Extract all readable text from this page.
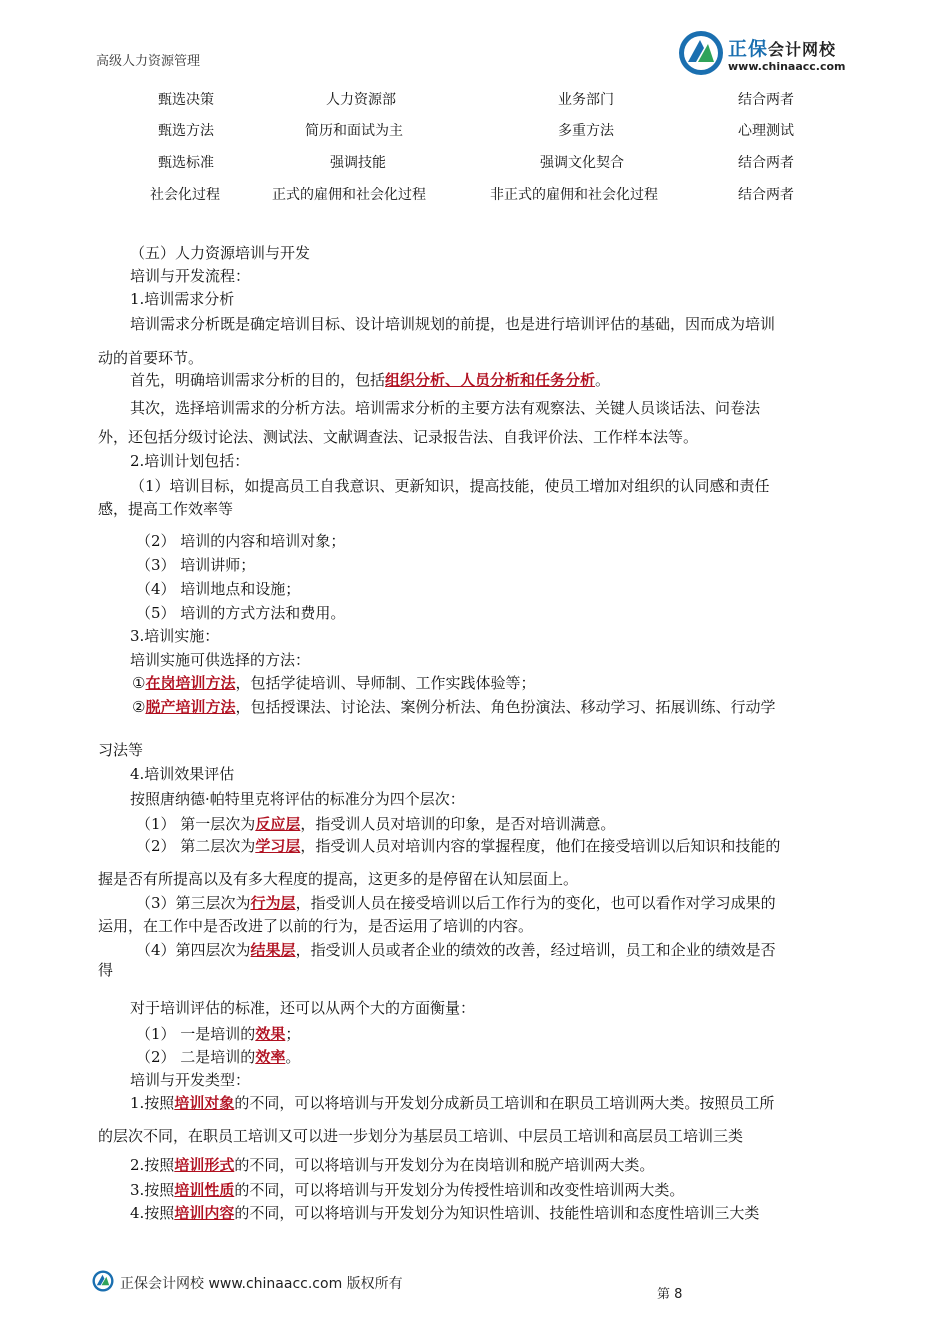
正保会计网校
www.chinaacc.com
高级人力资源管理
甄选决策	人力资源部	业务部门	结合两者
甄选方法	简历和面试为主	多重方法	心理测试
甄选标准	强调技能	强调文化契合	结合两者
社会化过程	正式的雇佣和社会化过程	非正式的雇佣和社会化过程	结合两者
（五）人力资源培训与开发
培训与开发流程：
1.培训需求分析
培训需求分析既是确定培训目标、设计培训规划的前提，也是进行培训评估的基础，因而成为培训
动的首要环节。
首先，明确培训需求分析的目的，包括组织分析、人员分析和任务分析。
其次，选择培训需求的分析方法。培训需求分析的主要方法有观察法、关键人员谈话法、问卷法
外，还包括分级讨论法、测试法、文献调查法、记录报告法、自我评价法、工作样本法等。
2.培训计划包括：
（1）培训目标，如提高员工自我意识、更新知识，提高技能，使员工增加对组织的认同感和责任
感，提高工作效率等
（2） 培训的内容和培训对象；
（3） 培训讲师；
（4） 培训地点和设施；
（5） 培训的方式方法和费用。
3.培训实施：
培训实施可供选择的方法：
①在岗培训方法，包括学徒培训、导师制、工作实践体验等；
②脱产培训方法，包括授课法、讨论法、案例分析法、角色扮演法、移动学习、拓展训练、行动学
习法等
4.培训效果评估
按照唐纳德·帕特里克将评估的标准分为四个层次：
（1） 第一层次为反应层，指受训人员对培训的印象，是否对培训满意。
（2） 第二层次为学习层，指受训人员对培训内容的掌握程度，他们在接受培训以后知识和技能的
握是否有所提高以及有多大程度的提高，这更多的是停留在认知层面上。
（3）第三层次为行为层，指受训人员在接受培训以后工作行为的变化，也可以看作对学习成果的
运用，在工作中是否改进了以前的行为，是否运用了培训的内容。
（4）第四层次为结果层，指受训人员或者企业的绩效的改善，经过培训，员工和企业的绩效是否
得
对于培训评估的标准，还可以从两个大的方面衡量：
（1） 一是培训的效果；
（2） 二是培训的效率。
培训与开发类型：
1.按照培训对象的不同，可以将培训与开发划分成新员工培训和在职员工培训两大类。按照员工所
的层次不同，在职员工培训又可以进一步划分为基层员工培训、中层员工培训和高层员工培训三类
2.按照培训形式的不同，可以将培训与开发划分为在岗培训和脱产培训两大类。
3.按照培训性质的不同，可以将培训与开发划分为传授性培训和改变性培训两大类。
4.按照培训内容的不同，可以将培训与开发划分为知识性培训、技能性培训和态度性培训三大类
正保会计网校 www.chinaacc.com 版权所有
第 8
